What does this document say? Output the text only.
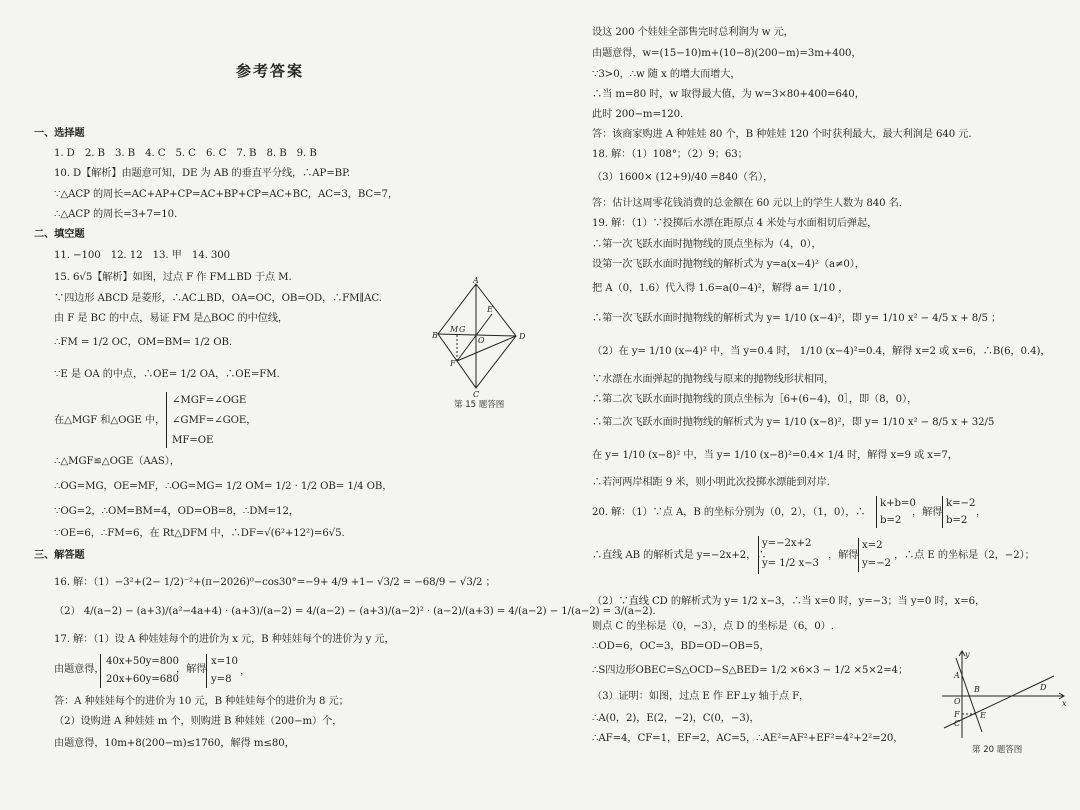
参考答案
一、选择题
1. D　2. B　3. B　4. C　5. C　6. C　7. B　8. B　9. B
10. D【解析】由题意可知，DE 为 AB 的垂直平分线，∴AP=BP.
∵△ACP 的周长=AC+AP+CP=AC+BP+CP=AC+BC，AC=3，BC=7，
∴△ACP 的周长=3+7=10.
二、填空题
11. −100　12. 12　13. 甲　14. 300
15. 6√5【解析】如图，过点 F 作 FM⊥BD 于点 M.
∵四边形 ABCD 是菱形，∴AC⊥BD，OA=OC，OB=OD，∴FM∥AC.
由 F 是 BC 的中点，易证 FM 是△BOC 的中位线，
∴FM = 1/2 OC，OM=BM= 1/2 OB.
∵E 是 OA 的中点，∴OE= 1/2 OA，∴OE=FM.
∠MGF=∠OGE
在△MGF 和△OGE 中， ∠GMF=∠GOE，
MF=OE
∴△MGF≌△OGE（AAS），
∴OG=MG，OE=MF，∴OG=MG= 1/2 OM= 1/2 · 1/2 OB= 1/4 OB，
∵OG=2，∴OM=BM=4，OD=OB=8，∴DM=12，
∵OE=6，∴FM=6，在 Rt△DFM 中，∴DF=√(6²+12²)=6√5.
三、解答题
16. 解：（1）−3²+(2− 1/2)⁻²+(π−2026)⁰−cos30°=−9+ 4/9 +1− √3/2 = −68/9 − √3/2 ；
（2） 4/(a−2) − (a+3)/(a²−4a+4) · (a+3)/(a−2) = 4/(a−2) − (a+3)/(a−2)² · (a−2)/(a+3) = 4/(a−2) − 1/(a−2) = 3/(a−2).
17. 解：（1）设 A 种娃娃每个的进价为 x 元，B 种娃娃每个的进价为 y 元，
40x+50y=800
由题意得，
20x+60y=680
，解得
x=10
y=8
，
答：A 种娃娃每个的进价为 10 元，B 种娃娃每个的进价为 8 元；
（2）设购进 A 种娃娃 m 个，则购进 B 种娃娃（200−m）个，
由题意得，10m+8(200−m)≤1760，解得 m≤80，
A
B
C
D
E
F
M G
O
第 15 题答图
设这 200 个娃娃全部售完时总利润为 w 元，
由题意得，w=(15−10)m+(10−8)(200−m)=3m+400，
∵3>0，∴w 随 x 的增大而增大，
∴当 m=80 时，w 取得最大值，为 w=3×80+400=640，
此时 200−m=120.
答：该商家购进 A 种娃娃 80 个，B 种娃娃 120 个时获利最大，最大利润是 640 元.
18. 解：（1）108°；（2）9；63；
（3）1600× (12+9)/40 =840（名），
答：估计这周零花钱消费的总金额在 60 元以上的学生人数为 840 名.
19. 解：（1）∵投掷后水漂在距原点 4 米处与水面相切后弹起，
∴第一次飞跃水面时抛物线的顶点坐标为（4，0），
设第一次飞跃水面时抛物线的解析式为 y=a(x−4)²（a≠0），
把 A（0，1.6）代入得 1.6=a(0−4)²，解得 a= 1/10 ，
∴第一次飞跃水面时抛物线的解析式为 y= 1/10 (x−4)²，即 y= 1/10 x² − 4/5 x + 8/5 ；
（2）在 y= 1/10 (x−4)² 中，当 y=0.4 时， 1/10 (x−4)²=0.4，解得 x=2 或 x=6，∴B(6，0.4)，
∵水漂在水面弹起的抛物线与原来的抛物线形状相同，
∴第二次飞跃水面时抛物线的顶点坐标为［6+(6−4)，0］，即（8，0），
∴第二次飞跃水面时抛物线的解析式为 y= 1/10 (x−8)²，即 y= 1/10 x² − 8/5 x + 32/5
在 y= 1/10 (x−8)² 中，当 y= 1/10 (x−8)²=0.4× 1/4 时，解得 x=9 或 x=7，
∴若河两岸相距 9 米，则小明此次投掷水漂能到对岸.
20. 解：（1）∵点 A，B 的坐标分别为（0，2），（1，0），∴
k+b=0
b=2
，解得
k=−2
b=2
，
∴直线 AB 的解析式是 y=−2x+2，∴
y=−2x+2
y= 1/2 x−3
，解得
x=2
y=−2
，∴点 E 的坐标是（2，−2）；
（2）∵直线 CD 的解析式为 y= 1/2 x−3，∴当 x=0 时，y=−3；当 y=0 时，x=6，
则点 C 的坐标是（0，−3），点 D 的坐标是（6，0）.
∴OD=6，OC=3，BD=OD−OB=5，
∴S四边形OBEC=S△OCD−S△BED= 1/2 ×6×3 − 1/2 ×5×2=4；
（3）证明：如图，过点 E 作 EF⊥y 轴于点 F，
∴A(0，2)，E(2，−2)，C(0，−3)，
∴AF=4，CF=1，EF=2，AC=5，∴AE²=AF²+EF²=4²+2²=20，
y
A
B	D
O	x
F
C
E
第 20 题答图
